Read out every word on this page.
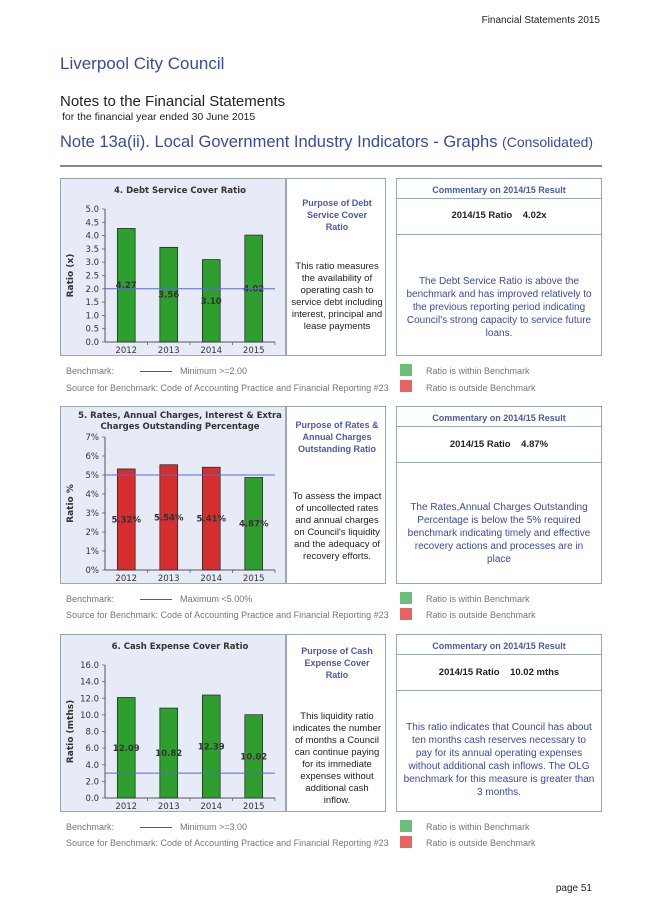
Financial Statements 2015
Liverpool City Council
Notes to the Financial Statements
for the financial year ended 30 June 2015
Note 13a(ii). Local Government Industry Indicators - Graphs (Consolidated)
4. Debt Service Cover Ratio
0.0
0.5
1.0
1.5
2.0
2.5
3.0
3.5
4.0
4.5
5.0
Ratio (x)	4.27
2012
3.56
2013
3.10
2014
4.02
2015
Purpose of Debt Service Cover Ratio
This ratio measures the availability of operating cash to service debt including interest, principal and lease payments
Commentary on 2014/15 Result
2014/15 Ratio 4.02x
The Debt Service Ratio is above the benchmark and has improved relatively to the previous reporting period indicating Council's strong capacity to service future loans.
Benchmark:	Minimum >=2.00
Source for Benchmark: Code of Accounting Practice and Financial Reporting #23
Ratio is within Benchmark
Ratio is outside Benchmark
5. Rates, Annual Charges, Interest & Extra
Charges Outstanding Percentage
0%
1%
2%
3%
4%
5%
6%
7%
Ratio %	5.32%
2012
5.54%
2013
5.41%
2014
4.87%
2015
Purpose of Rates & Annual Charges Outstanding Ratio
To assess the impact of uncollected rates and annual charges on Council's liquidity and the adequacy of recovery efforts.
Commentary on 2014/15 Result
2014/15 Ratio 4.87%
The Rates,Annual Charges Outstanding Percentage is below the 5% required benchmark indicating timely and effective recovery actions and processes are in place
Benchmark:	Maximum <5.00%
Source for Benchmark: Code of Accounting Practice and Financial Reporting #23
Ratio is within Benchmark
Ratio is outside Benchmark
6. Cash Expense Cover Ratio
0.0
2.0
4.0
6.0
8.0
10.0
12.0
14.0
16.0
Ratio (mths)	12.09
2012
10.82
2013
12.39
2014
10.02
2015
Purpose of Cash Expense Cover Ratio
This liquidity ratio indicates the number of months a Council can continue paying for its immediate expenses without additional cash inflow.
Commentary on 2014/15 Result
2014/15 Ratio 10.02 mths
This ratio indicates that Council has about ten months cash reserves necessary to pay for its annual operating expenses without additional cash inflows. The OLG benchmark for this measure is greater than 3 months.
Benchmark:	Minimum >=3.00
Source for Benchmark: Code of Accounting Practice and Financial Reporting #23
Ratio is within Benchmark
Ratio is outside Benchmark
page 51
